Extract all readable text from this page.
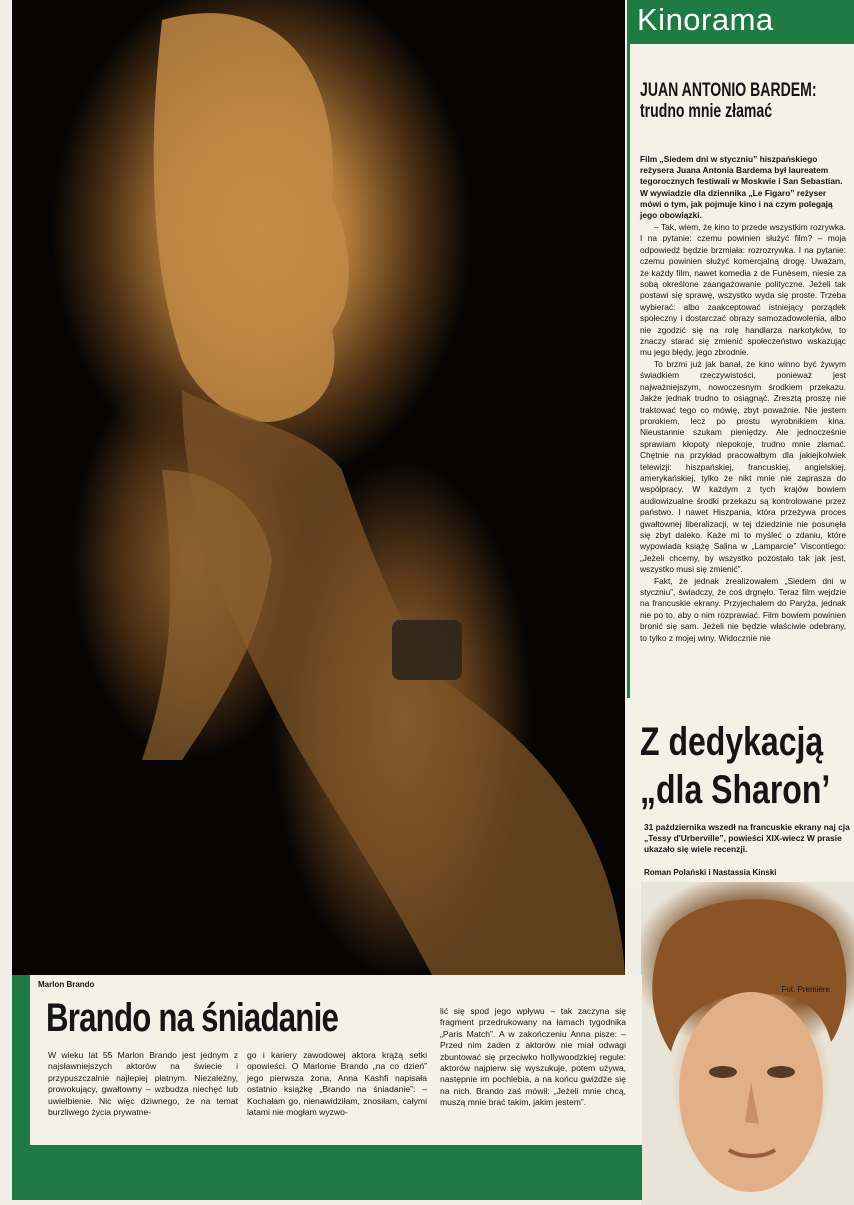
Kinorama
JUAN ANTONIO BARDEM:
trudno mnie złamać
Film „Siedem dni w styczniu” hiszpańskiego reżysera Juana Antonia Bardema był laureatem tegorocznych festiwali w Moskwie i San Sebastian. W wywiadzie dla dziennika „Le Figaro” reżyser mówi o tym, jak pojmuje kino i na czym polegają jego obowiązki.
– Tak, wiem, że kino to przede wszystkim rozrywka. I na pytanie: czemu powinien służyć film? – moja odpowiedź będzie brzmiała: rozrozrywka. I na pytanie: czemu powinien służyć komercjalną drogę. Uważam, że każdy film, nawet komedia z de Funèsem, niesie za sobą określone zaangażowanie polityczne. Jeżeli tak postawi się sprawę, wszystko wyda się proste. Trzeba wybierać: albo zaakceptować istniejący porządek społeczny i dostarczać obrazy samozadowolenia, albo nie zgodzić się na rolę handlarza narkotyków, to znaczy starać się zmienić społeczeństwo wskazując mu jego błędy, jego zbrodnie.
To brzmi już jak banał, że kino winno być żywym świadkiem rzeczywistości, ponieważ jest najważniejszym, nowoczesnym środkiem przekazu. Jakże jednak trudno to osiągnąć. Zresztą proszę nie traktować tego co mówię, zbyt poważnie. Nie jestem prorokiem, lecz po prostu wyrobnikiem kina. Nieustannie szukam pieniędzy. Ale jednocześnie sprawiam kłopoty niepokoje, trudno mnie złamać. Chętnie na przykład pracowałbym dla jakiejkolwiek telewizji: hiszpańskiej, francuskiej, angielskiej, amerykańskiej, tylko że nikt mnie nie zaprasza do współpracy. W każdym z tych krajów bowiem audiowizualne środki przekazu są kontrolowane przez państwo. I nawet Hiszpania, która przeżywa proces gwałtownej liberalizacji, w tej dziedzinie nie posunęła się zbyt daleko. Każe mi to myśleć o zdaniu, które wypowiada książę Salina w „Lamparcie” Viscontiego: „Jeżeli chcemy, by wszystko pozostało tak jak jest, wszystko musi się zmienić”.
Fakt, że jednak zrealizowałem „Siedem dni w styczniu”, świadczy, że coś drgnęło. Teraz film wejdzie na francuskie ekrany. Przyjechałem do Paryża, jednak nie po to, aby o nim rozprawiać. Film bowiem powinien bronić się sam. Jeżeli nie będzie właściwie odebrany, to tylko z mojej winy. Widocznie nie
Z dedykacją
„dla Sharon’
31 października wszedł na francuskie ekrany naj cja „Tessy d'Urberville”, powieści XIX-wiecz W prasie ukazało się wiele recenzji.
Roman Polański i Nastassia Kinski
Marlon Brando
Fot. Première
Brando na śniadanie
W wieku lat 55 Marlon Brando jest jednym z najsławniejszych aktorów na świecie i przypuszczalnie najlepiej płatnym. Niezależny, prowokujący, gwałtowny – wzbudza niechęć lub uwielbienie. Nic więc dziwnego, że na temat burzliwego życia prywatne-
go i kariery zawodowej aktora krążą setki opowieści. O Marlonie Brando „na co dzień” jego pierwsza żona, Anna Kashfi napisała ostatnio książkę „Brando na śniadanie”: – Kochałam go, nienawidziłam, znosiłam, całymi latami nie mogłam wyzwo-
lić się spod jego wpływu – tak zaczyna się fragment przedrukowany na łamach tygodnika „Paris Match”. A w zakończeniu Anna pisze: – Przed nim żaden z aktorów nie miał odwagi zbuntować się przeciwko hollywoodzkiej regule: aktorów najpierw się wyszukuje, potem używa, następnie im pochlebia, a na końcu gwiżdże się na nich. Brando zaś mówił: „Jeżeli mnie chcą, muszą mnie brać takim, jakim jestem”.
